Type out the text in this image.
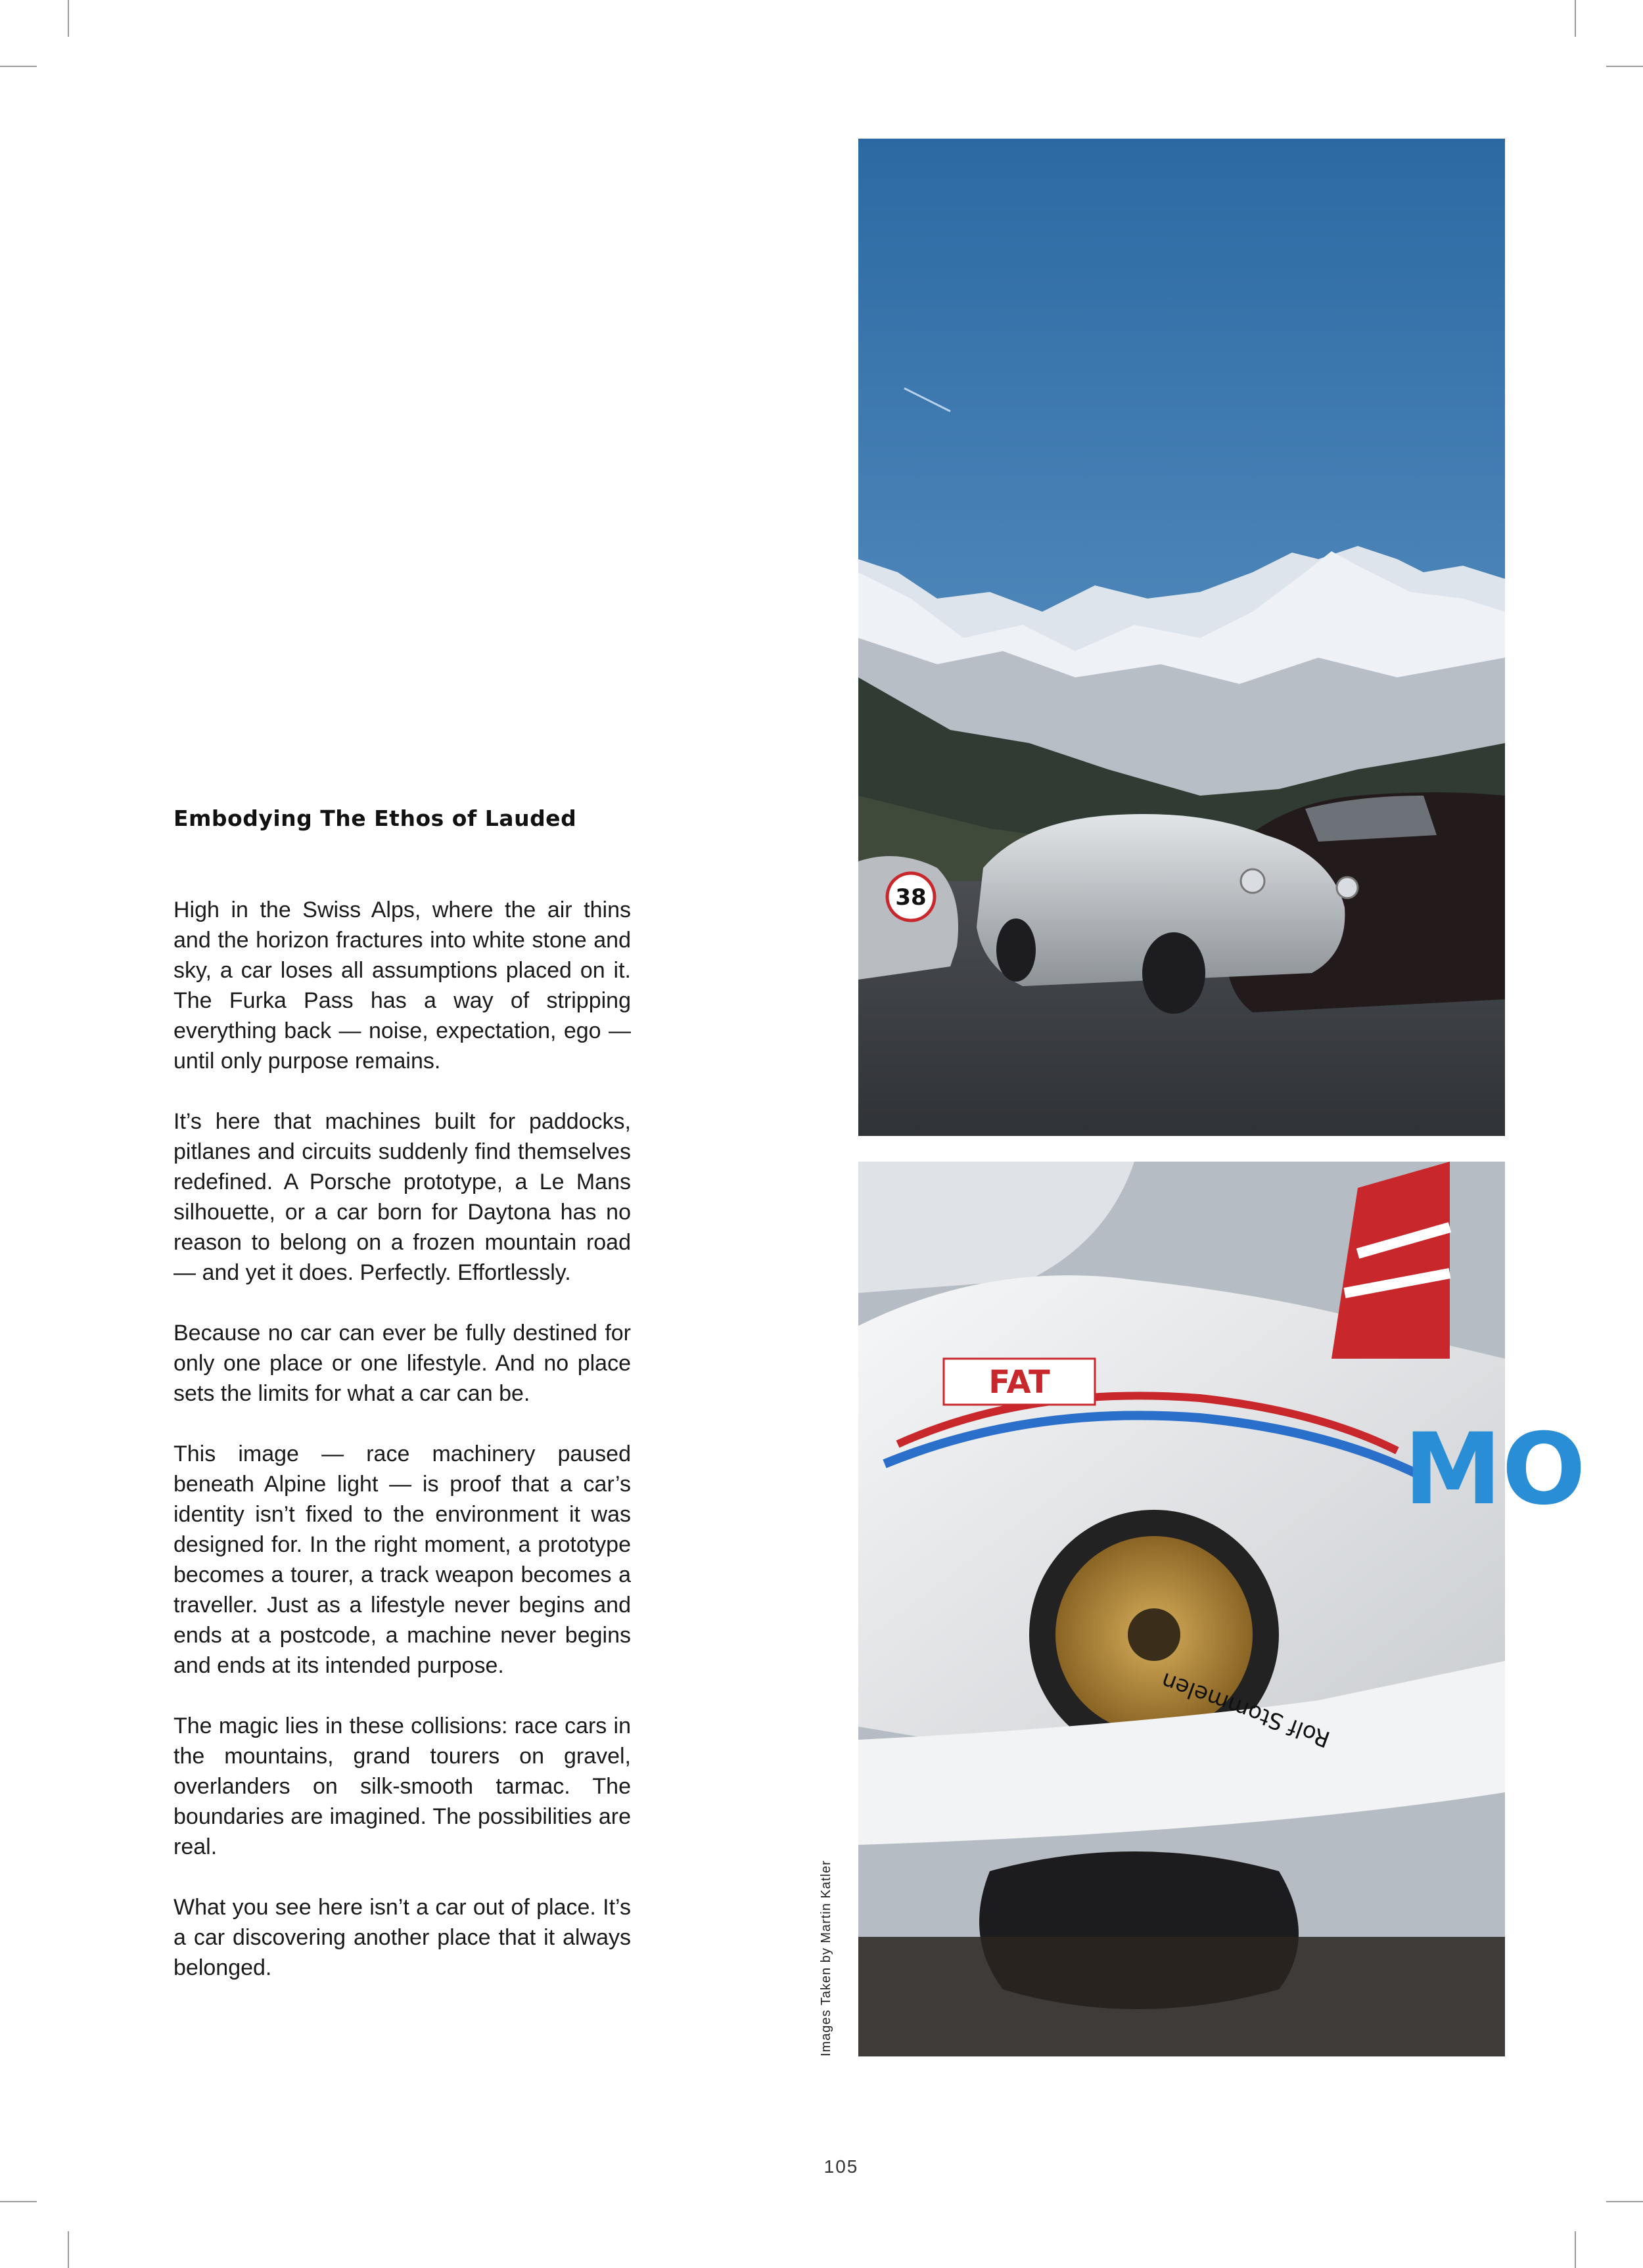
Embodying The Ethos of Lauded

High in the Swiss Alps, where the air thins and the horizon fractures into white stone and sky, a car loses all assumptions placed on it. The Furka Pass has a way of stripping everything back — noise, expectation, ego — until only purpose remains.

It’s here that machines built for paddocks, pitlanes and circuits suddenly find themselves redefined. A Porsche prototype, a Le Mans silhouette, or a car born for Daytona has no reason to belong on a frozen mountain road — and yet it does. Perfectly. Effortlessly.

Because no car can ever be fully destined for only one place or one lifestyle. And no place sets the limits for what a car can be.

This image — race machinery paused beneath Alpine light — is proof that a car’s identity isn’t fixed to the environment it was designed for. In the right moment, a prototype becomes a tourer, a track weapon becomes a traveller. Just as a lifestyle never begins and ends at a postcode, a machine never begins and ends at its intended purpose.

The magic lies in these collisions: race cars in the mountains, grand tourers on gravel, overlanders on silk-smooth tarmac. The boundaries are imagined. The possibilities are real.

What you see here isn’t a car out of place. It’s a car discovering another place that it always belonged.	Images Taken by Martin Katler
38
FAT
MO
Rolf Stommelen
105
